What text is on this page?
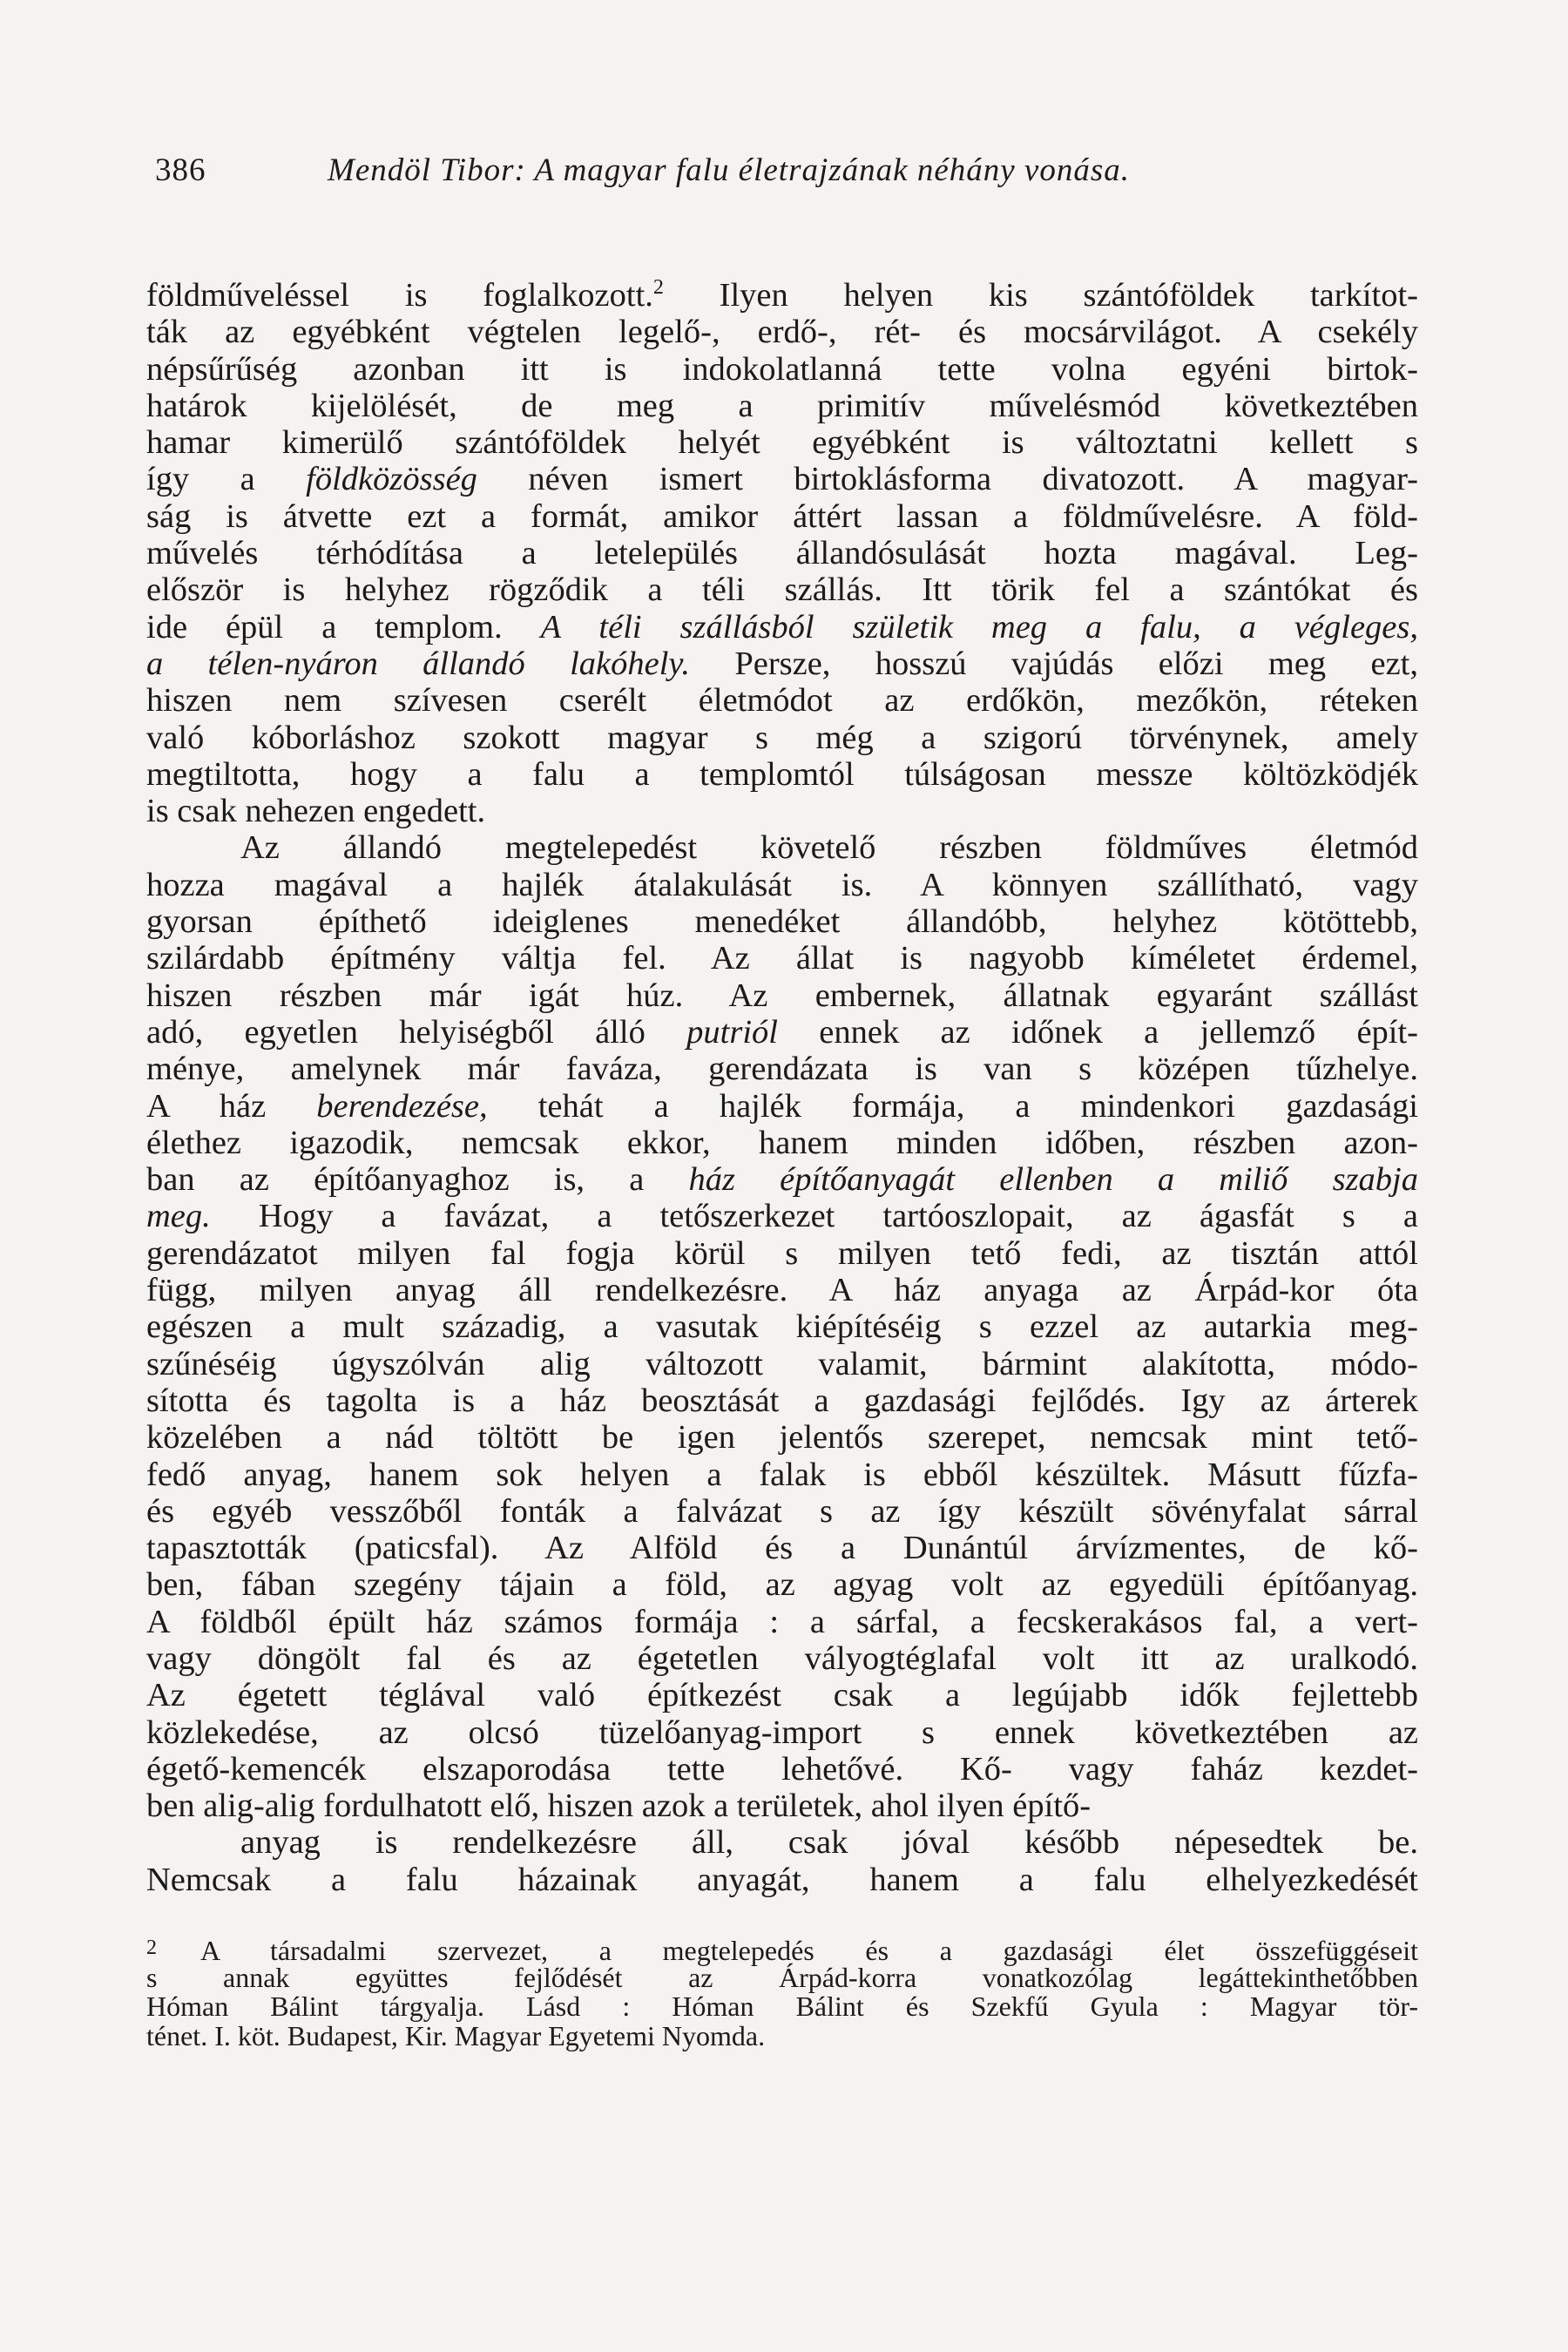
386	Mendöl Tibor: A magyar falu életrajzának néhány vonása.
földműveléssel is foglalkozott.$^2$ Ilyen helyen kis szántóföldek tarkítot-
ták az egyébként végtelen legelő-, erdő-, rét- és mocsárvilágot. A csekély
népsűrűség azonban itt is indokolatlanná tette volna egyéni birtok-
határok kijelölését, de meg a primitív művelésmód következtében
hamar kimerülő szántóföldek helyét egyébként is változtatni kellett s
így a földközösség néven ismert birtoklásforma divatozott. A magyar-
ság is átvette ezt a formát, amikor áttért lassan a földművelésre. A föld-
művelés térhódítása a letelepülés állandósulását hozta magával. Leg-
először is helyhez rögződik a téli szállás. Itt törik fel a szántókat és
ide épül a templom. A téli szállásból születik meg a falu, a végleges,
a télen-nyáron állandó lakóhely. Persze, hosszú vajúdás előzi meg ezt,
hiszen nem szívesen cserélt életmódot az erdőkön, mezőkön, réteken
való kóborláshoz szokott magyar s még a szigorú törvénynek, amely
megtiltotta, hogy a falu a templomtól túlságosan messze költözködjék
is csak nehezen engedett.
Az állandó megtelepedést követelő részben földműves életmód
hozza magával a hajlék átalakulását is. A könnyen szállítható, vagy
gyorsan építhető ideiglenes menedéket állandóbb, helyhez kötöttebb,
szilárdabb építmény váltja fel. Az állat is nagyobb kíméletet érdemel,
hiszen részben már igát húz. Az embernek, állatnak egyaránt szállást
adó, egyetlen helyiségből álló putriól ennek az időnek a jellemző épít-
ménye, amelynek már faváza, gerendázata is van s középen tűzhelye.
A ház berendezése, tehát a hajlék formája, a mindenkori gazdasági
élethez igazodik, nemcsak ekkor, hanem minden időben, részben azon-
ban az építőanyaghoz is, a ház építőanyagát ellenben a miliő szabja
meg. Hogy a favázat, a tetőszerkezet tartóoszlopait, az ágasfát s a
gerendázatot milyen fal fogja körül s milyen tető fedi, az tisztán attól
függ, milyen anyag áll rendelkezésre. A ház anyaga az Árpád-kor óta
egészen a mult századig, a vasutak kiépítéséig s ezzel az autarkia meg-
szűnéséig úgyszólván alig változott valamit, bármint alakította, módo-
sította és tagolta is a ház beosztását a gazdasági fejlődés. Igy az árterek
közelében a nád töltött be igen jelentős szerepet, nemcsak mint tető-
fedő anyag, hanem sok helyen a falak is ebből készültek. Másutt fűzfa-
és egyéb vesszőből fonták a falvázat s az így készült sövényfalat sárral
tapasztották (paticsfal). Az Alföld és a Dunántúl árvízmentes, de kő-
ben, fában szegény tájain a föld, az agyag volt az egyedüli építőanyag.
A földből épült ház számos formája : a sárfal, a fecskerakásos fal, a vert-
vagy döngölt fal és az égetetlen vályogtéglafal volt itt az uralkodó.
Az égetett téglával való építkezést csak a legújabb idők fejlettebb
közlekedése, az olcsó tüzelőanyag-import s ennek következtében az
égető-kemencék elszaporodása tette lehetővé. Kő- vagy faház kezdet-
ben alig-alig fordulhatott elő, hiszen azok a területek, ahol ilyen építő-
anyag is rendelkezésre áll, csak jóval később népesedtek be.
Nemcsak a falu házainak anyagát, hanem a falu elhelyezkedését
2 A társadalmi szervezet, a megtelepedés és a gazdasági élet összefüggéseit
s annak együttes fejlődését az Árpád-korra vonatkozólag legáttekinthetőbben
Hóman Bálint tárgyalja. Lásd : Hóman Bálint és Szekfű Gyula : Magyar tör-
ténet. I. köt. Budapest, Kir. Magyar Egyetemi Nyomda.
